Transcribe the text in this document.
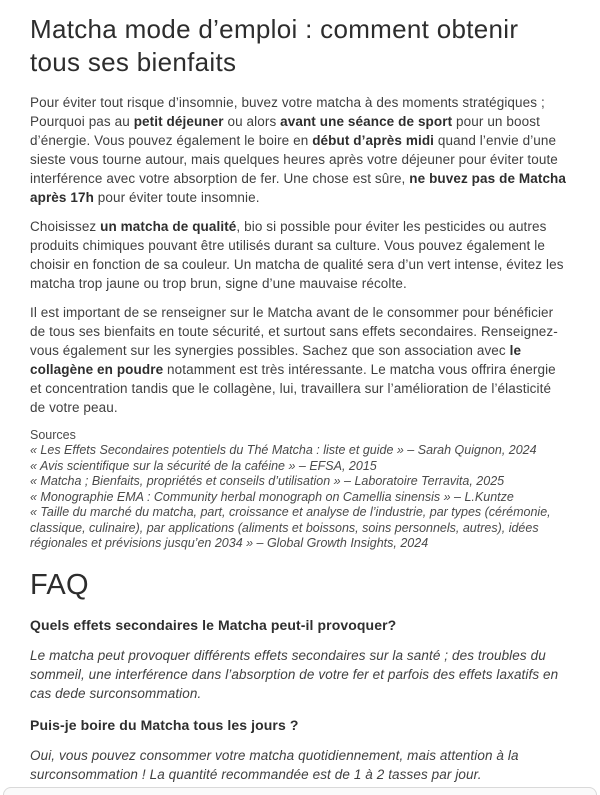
Matcha mode d’emploi : comment obtenir tous ses bienfaits

Pour éviter tout risque d’insomnie, buvez votre matcha à des moments stratégiques ; Pourquoi pas au petit déjeuner ou alors avant une séance de sport pour un boost d’énergie. Vous pouvez également le boire en début d’après midi quand l’envie d’une sieste vous tourne autour, mais quelques heures après votre déjeuner pour éviter toute interférence avec votre absorption de fer. Une chose est sûre, ne buvez pas de Matcha après 17h pour éviter toute insomnie.

Choisissez un matcha de qualité, bio si possible pour éviter les pesticides ou autres produits chimiques pouvant être utilisés durant sa culture. Vous pouvez également le choisir en fonction de sa couleur. Un matcha de qualité sera d’un vert intense, évitez les matcha trop jaune ou trop brun, signe d’une mauvaise récolte.

Il est important de se renseigner sur le Matcha avant de le consommer pour bénéficier de tous ses bienfaits en toute sécurité, et surtout sans effets secondaires. Renseignez-vous également sur les synergies possibles. Sachez que son association avec le collagène en poudre notamment est très intéressante. Le matcha vous offrira énergie et concentration tandis que le collagène, lui, travaillera sur l’amélioration de l’élasticité de votre peau.

Sources
« Les Effets Secondaires potentiels du Thé Matcha : liste et guide » – Sarah Quignon, 2024
« Avis scientifique sur la sécurité de la caféine » – EFSA, 2015
« Matcha ; Bienfaits, propriétés et conseils d’utilisation » – Laboratoire Terravita, 2025
« Monographie EMA : Community herbal monograph on Camellia sinensis » – L.Kuntze
« Taille du marché du matcha, part, croissance et analyse de l’industrie, par types (cérémonie, classique, culinaire), par applications (aliments et boissons, soins personnels, autres), idées régionales et prévisions jusqu’en 2034 » – Global Growth Insights, 2024
FAQ
Quels effets secondaires le Matcha peut-il provoquer?
Le matcha peut provoquer différents effets secondaires sur la santé ; des troubles du sommeil, une interférence dans l’absorption de votre fer et parfois des effets laxatifs en cas dede surconsommation.
Puis-je boire du Matcha tous les jours ?
Oui, vous pouvez consommer votre matcha quotidiennement, mais attention à la surconsommation ! La quantité recommandée est de 1 à 2 tasses par jour.
